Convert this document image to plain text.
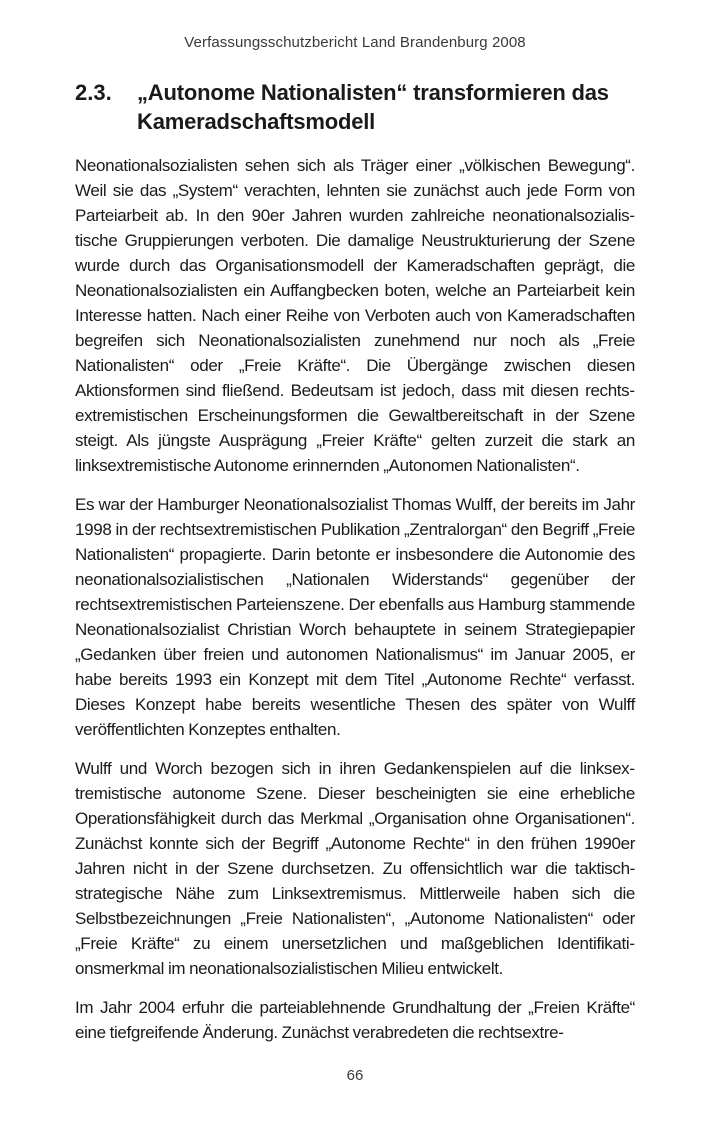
Verfassungsschutzbericht Land Brandenburg 2008
2.3.	„Autonome Nationalisten“ transformieren das Kameradschaftsmodell

Neonationalsozialisten sehen sich als Träger einer „völkischen Bewegung“. Weil sie das „System“ verachten, lehnten sie zunächst auch jede Form von Parteiarbeit ab. In den 90er Jahren wurden zahlreiche neonationalsozialistische Gruppierungen verboten. Die damalige Neustrukturierung der Szene wurde durch das Organisationsmodell der Kameradschaften geprägt, die Neonationalsozialisten ein Auffangbecken boten, welche an Parteiarbeit kein Interesse hatten. Nach einer Reihe von Verboten auch von Kameradschaften begreifen sich Neonationalsozialisten zunehmend nur noch als „Freie Nationalisten“ oder „Freie Kräfte“. Die Übergänge zwischen diesen Aktionsformen sind fließend. Bedeutsam ist jedoch, dass mit diesen rechtsextremistischen Erscheinungsformen die Gewaltbereitschaft in der Szene steigt. Als jüngste Ausprägung „Freier Kräfte“ gelten zurzeit die stark an linksextremistische Autonome erinnernden „Autonomen Nationalisten“.

Es war der Hamburger Neonationalsozialist Thomas Wulff, der bereits im Jahr 1998 in der rechtsextremistischen Publikation „Zentralorgan“ den Begriff „Freie Nationalisten“ propagierte. Darin betonte er insbesondere die Autonomie des neonationalsozialistischen „Nationalen Widerstands“ gegenüber der rechtsextremistischen Parteienszene. Der ebenfalls aus Hamburg stammende Neonationalsozialist Christian Worch behauptete in seinem Strategiepapier „Gedanken über freien und autonomen Nationalismus“ im Januar 2005, er habe bereits 1993 ein Konzept mit dem Titel „Autonome Rechte“ verfasst. Dieses Konzept habe bereits wesentliche Thesen des später von Wulff veröffentlichten Konzeptes enthalten.

Wulff und Worch bezogen sich in ihren Gedankenspielen auf die linksextremistische autonome Szene. Dieser bescheinigten sie eine erhebliche Operationsfähigkeit durch das Merkmal „Organisation ohne Organisationen“. Zunächst konnte sich der Begriff „Autonome Rechte“ in den frühen 1990er Jahren nicht in der Szene durchsetzen. Zu offensichtlich war die taktisch-strategische Nähe zum Linksextremismus. Mittlerweile haben sich die Selbstbezeichnungen „Freie Nationalisten“, „Autonome Nationalisten“ oder „Freie Kräfte“ zu einem unersetzlichen und maßgeblichen Identifikationsmerkmal im neonationalsozialistischen Milieu entwickelt.

Im Jahr 2004 erfuhr die parteiablehnende Grundhaltung der „Freien Kräfte“ eine tiefgreifende Änderung. Zunächst verabredeten die rechtsextre-

66
